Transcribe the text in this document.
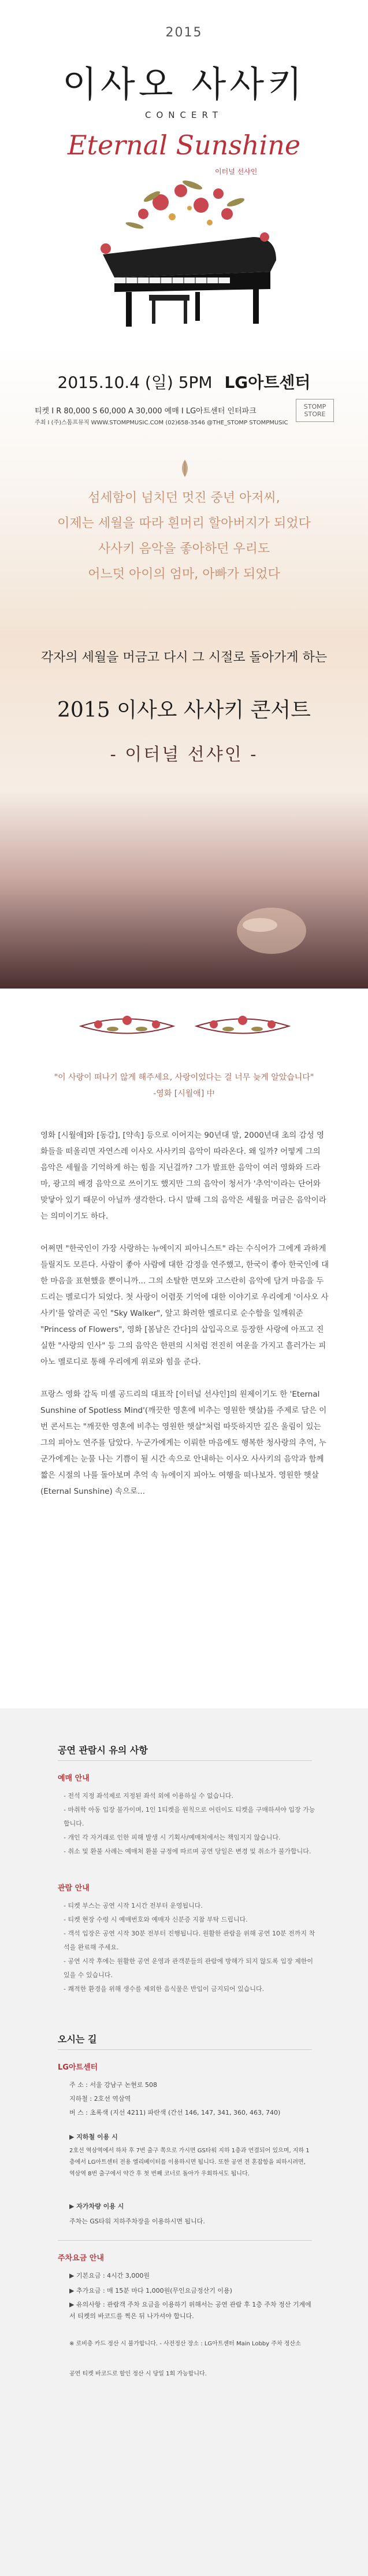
2015
이사오 사사키
CONCERT
Eternal Sunshine
이터널 선샤인
2015.10.4 (일) 5PM LG아트센터
티켓 I R 80,000 S 60,000 A 30,000 예매 I LG아트센터 인터파크
주최 I (주)스톰프뮤직 WWW.STOMPMUSIC.COM (02)658-3546 @THE_STOMP STOMPMUSIC
STOMP STORE
섬세함이 넘치던 멋진 중년 아저씨,
이제는 세월을 따라 흰머리 할아버지가 되었다
사사키 음악을 좋아하던 우리도
어느덧 아이의 엄마, 아빠가 되었다
각자의 세월을 머금고 다시 그 시절로 돌아가게 하는
2015 이사오 사사키 콘서트
- 이터널 선샤인 -
"이 사랑이 떠나기 않게 해주세요, 사랑이었다는 걸 너무 늦게 알았습니다"
-영화 [시월애] 中

영화 [시월애]와 [동감], [약속] 등으로 이어지는 90년대 말, 2000년대 초의 감성 영화들을 떠올리면 자연스레 이사오 사사키의 음악이 따라온다. 왜 일까? 어떻게 그의 음악은 세월을 기억하게 하는 힘을 지닌걸까? 그가 발표한 음악이 여러 영화와 드라마, 광고의 배경 음악으로 쓰이기도 했지만 그의 음악이 청서가 '추억'이라는 단어와 맞닿아 있기 때문이 아닐까 생각한다. 다시 말해 그의 음악은 세월을 머금은 음악이라는 의미이기도 하다.

어쩌면 "한국인이 가장 사랑하는 뉴에이지 피아니스트" 라는 수식어가 그에게 과하게 들릴지도 모른다. 사람이 좋아 사람에 대한 감정을 연주했고, 한국이 좋아 한국인에 대한 마음을 표현했을 뿐이니까... 그의 소탈한 면모와 고스란히 음악에 담겨 마음을 두드리는 멜로디가 되었다. 첫 사랑이 어렴풋 기억에 대한 이야기로 우리에게 '이사오 사사키'를 알려준 곡인 "Sky Walker", 앞고 화려한 멜로디로 순수함을 일깨워준 "Princess of Flowers", 영화 [봄날은 간다]의 삽입곡으로 등장한 사랑에 아프고 진실한 "사랑의 인사" 등 그의 음악은 한편의 시처럼 전진히 여운을 가지고 흘러가는 피아노 멜로디로 통해 우리에게 위로와 힘을 준다.

프랑스 영화 감독 미셸 공드리의 대표작 [이터널 선샤인]의 원제이기도 한 'Eternal Sunshine of Spotless Mind'(깨끗한 영혼에 비추는 영원한 햇살)를 주제로 담은 이번 콘서트는 "깨끗한 영혼에 비추는 영원한 햇살"처럼 따뜻하지만 깊은 울림이 있는 그의 피아노 연주를 담았다. 누군가에게는 이뤄한 마음에도 행복한 청사랑의 추억, 누군가에게는 눈물 나는 기쁨이 될 시간 속으로 안내하는 이사오 사사키의 음악과 함께 짧은 시절의 나를 돌아보며 추억 속 뉴에이지 피아노 여행을 떠나보자. 영원한 햇살(Eternal Sunshine) 속으로...

공연 관람시 유의 사항
예매 안내
- 전석 지정 좌석제로 지정된 좌석 외에 이용하실 수 없습니다.
- 마취학 아동 입장 불가이며, 1인 1티켓을 원칙으로 어린이도 티켓을 구매하셔야 입장 가능합니다.
- 개인 각 자거래로 인한 피해 발생 시 기획사/예매처에서는 책임지지 않습니다.
- 취소 및 환불 사례는 예매처 환불 규정에 따르며 공연 당일은 변경 및 취소가 불가합니다.
관람 안내
- 티켓 부스는 공연 시작 1시간 전부터 운영됩니다.
- 티켓 현장 수령 시 예매번호와 예매자 신분증 지참 부탁 드립니다.
- 객석 입장은 공연 시작 30분 전부터 진행됩니다. 원활한 관람을 위해 공연 10분 전까지 착석을 완료해 주세요.
- 공연 시작 후에는 원활한 공연 운영과 관객분들의 관람에 방해가 되지 않도록 입장 제한이 있을 수 있습니다.
- 쾌적한 환경을 위해 생수를 제외한 음식물은 반입이 금지되어 있습니다.
오시는 길
LG아트센터
주 소 : 서울 강남구 논현로 508
지하철 : 2호선 역삼역
버 스 : 초록색 (지선 4211) 파란색 (간선 146, 147, 341, 360, 463, 740)
▶ 지하철 이용 시
2호선 역삼역에서 하차 후 7번 출구 쪽으로 가시면 GS타워 지하 1층과 연결되어 있으며, 지하 1층에서 LG아트센터 전용 엘리베이터를 이용하시면 됩니다. 또한 공연 전 혼잡함을 피하시려면, 역삼역 8번 출구에서 약간 후 첫 번째 코너로 돌아가 우회하셔도 됩니다.
▶ 자가차량 이용 시
주차는 GS타워 지하주차장을 이용하시면 됩니다.
주차요금 안내
▶ 기본요금 : 4시간 3,000원
▶ 추가요금 : 매 15분 마다 1,000원(무인요금정산기 이용)
▶ 유의사항 : 관람객 주차 요금을 이용하기 위해서는 공연 관람 후 1층 주차 정산 기계에서 티켓의 바코드를 찍은 뒤 나가셔야 합니다.
※ 로비층 카드 정산 시 불가합니다. - 사전정산 장소 : LG아트센터 Main Lobby 주차 정산소
공연 티켓 바코드로 할인 정산 시 당일 1회 가능합니다.
